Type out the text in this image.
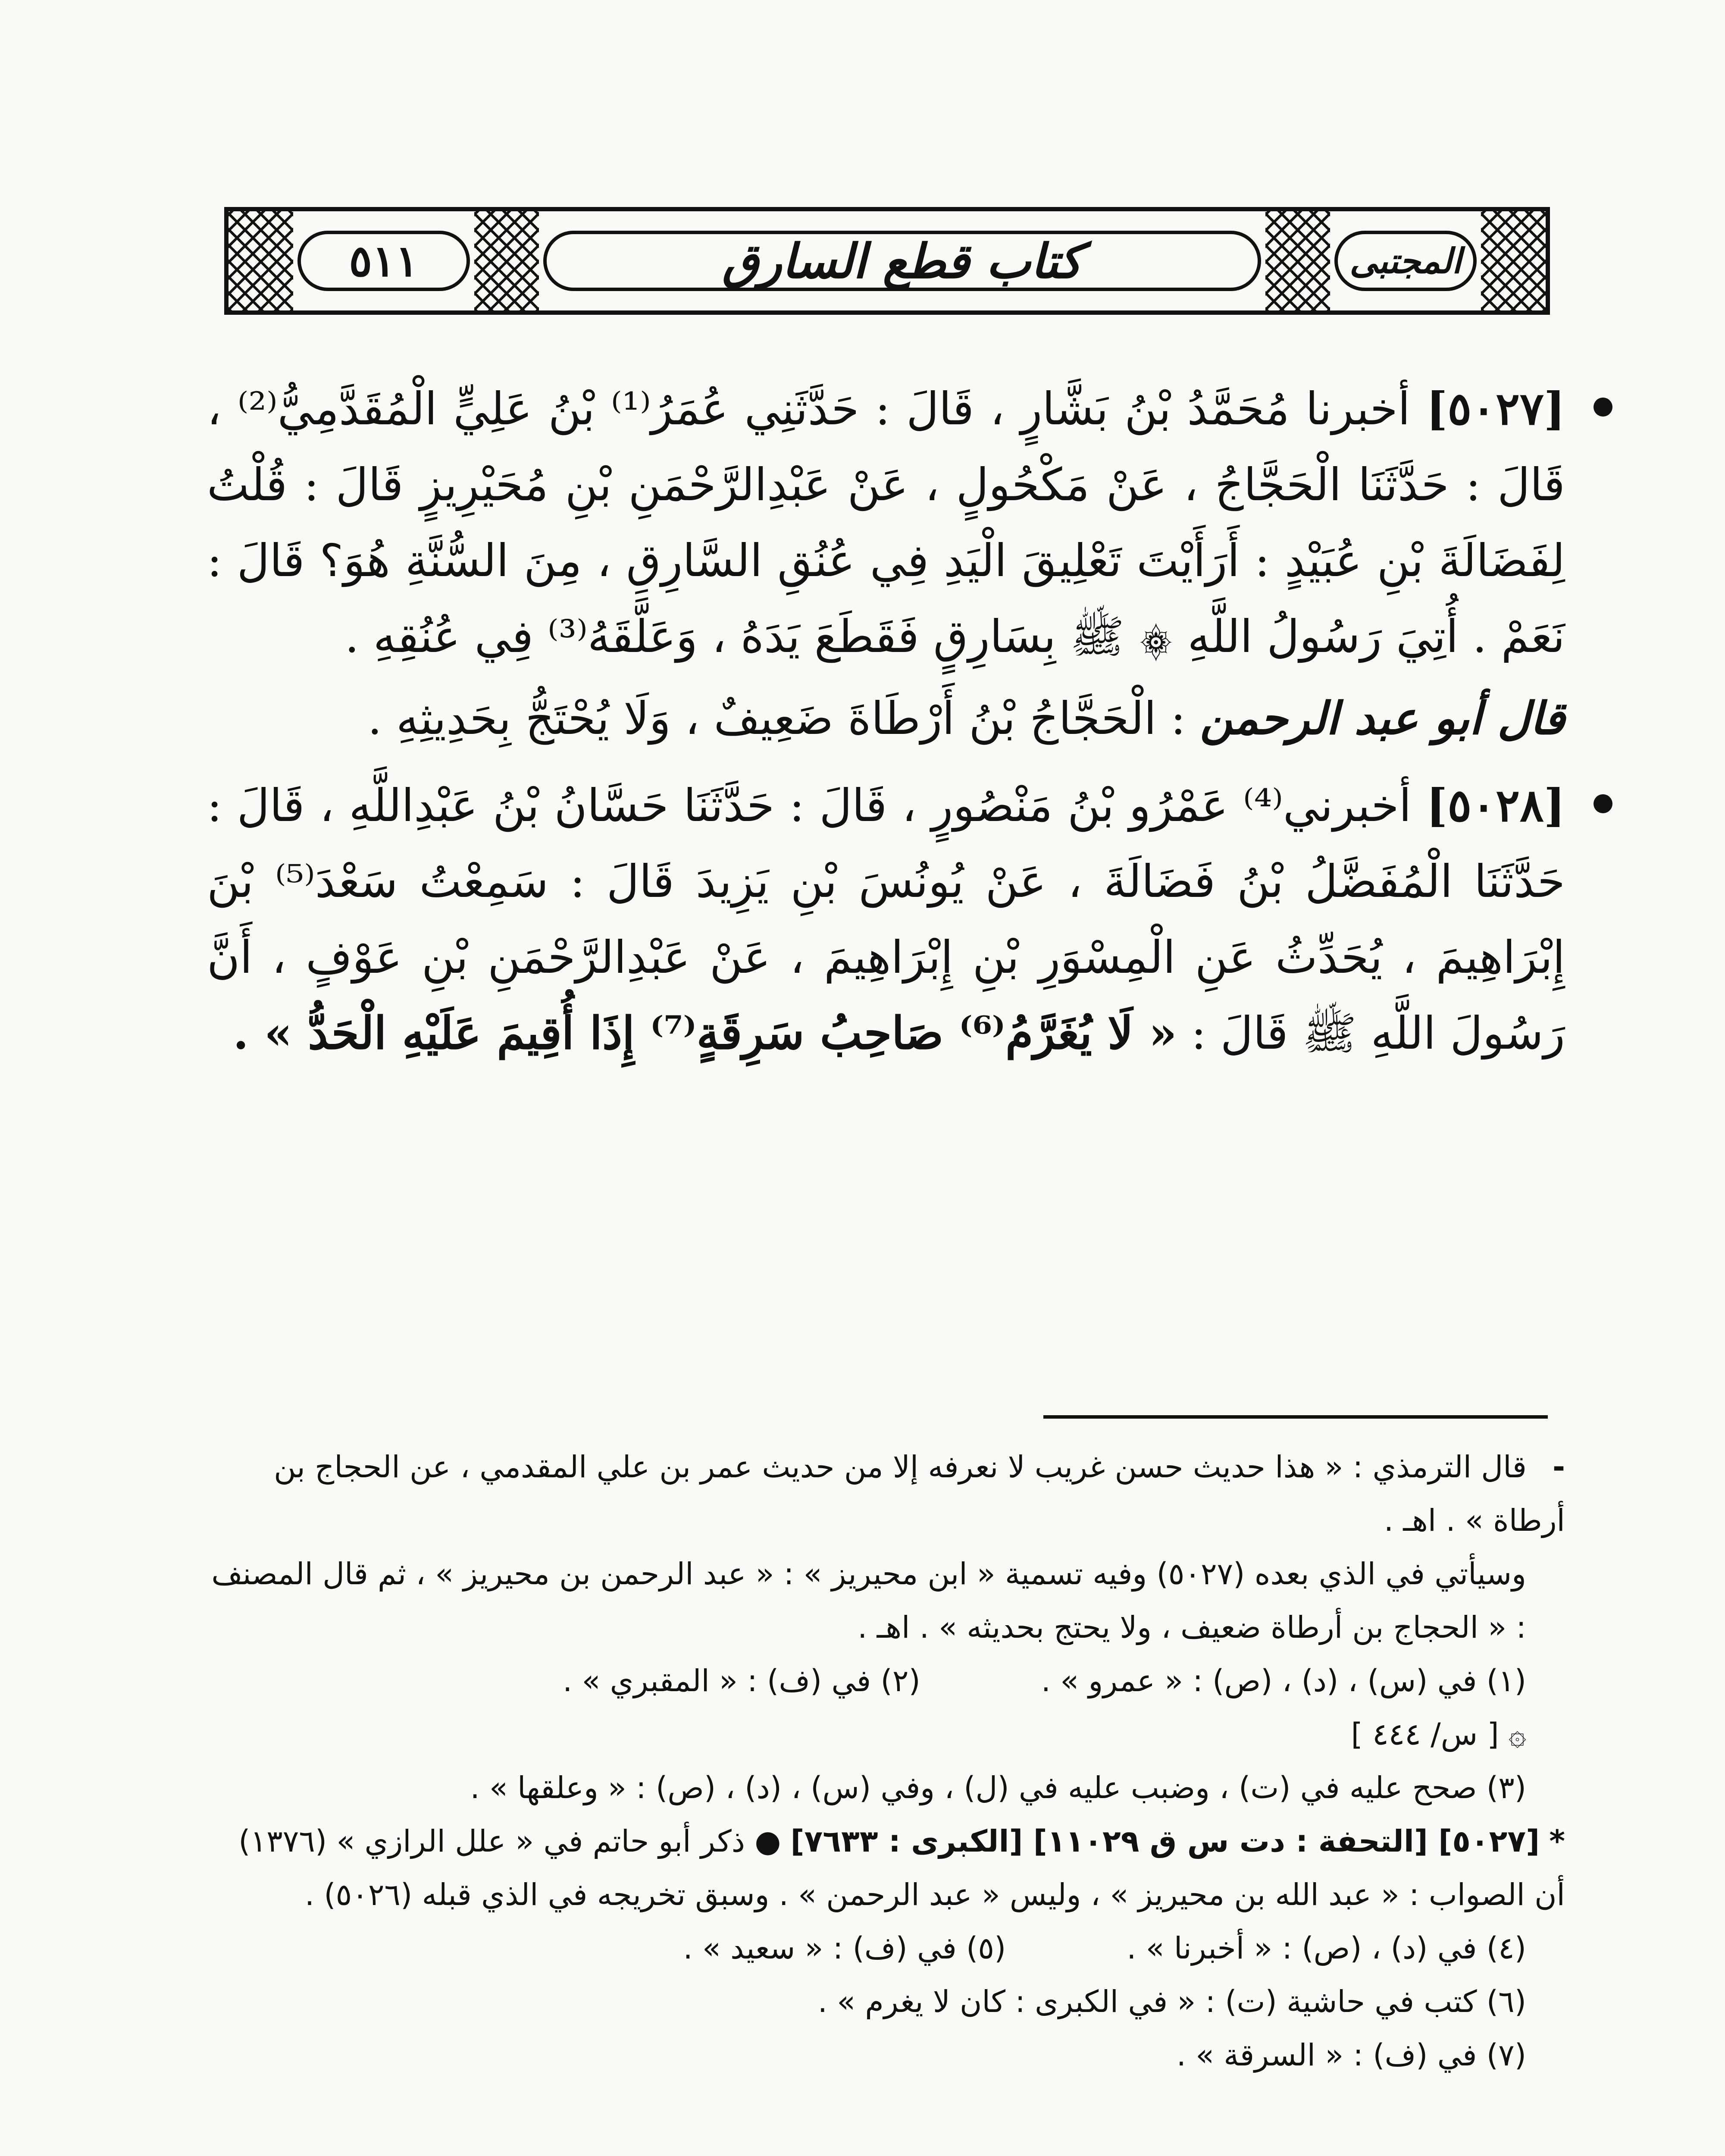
٥١١	كتاب قطع السارق	المجتبى

[٥٠٢٧] أخبرنا مُحَمَّدُ بْنُ بَشَّارٍ ، قَالَ : حَدَّثَنِي عُمَرُ⁽¹⁾ بْنُ عَلِيٍّ الْمُقَدَّمِيُّ⁽²⁾ ، قَالَ : حَدَّثَنَا الْحَجَّاجُ ، عَنْ مَكْحُولٍ ، عَنْ عَبْدِالرَّحْمَنِ بْنِ مُحَيْرِيزٍ قَالَ : قُلْتُ لِفَضَالَةَ بْنِ عُبَيْدٍ : أَرَأَيْتَ تَعْلِيقَ الْيَدِ فِي عُنُقِ السَّارِقِ ، مِنَ السُّنَّةِ هُوَ؟ قَالَ : نَعَمْ . أُتِيَ رَسُولُ اللَّهِ ۞ ﷺ بِسَارِقٍ فَقَطَعَ يَدَهُ ، وَعَلَّقَهُ⁽³⁾ فِي عُنُقِهِ .

قال أبو عبد الرحمن : الْحَجَّاجُ بْنُ أَرْطَاةَ ضَعِيفٌ ، وَلَا يُحْتَجُّ بِحَدِيثِهِ .

[٥٠٢٨] أخبرني⁽⁴⁾ عَمْرُو بْنُ مَنْصُورٍ ، قَالَ : حَدَّثَنَا حَسَّانُ بْنُ عَبْدِاللَّهِ ، قَالَ : حَدَّثَنَا الْمُفَضَّلُ بْنُ فَضَالَةَ ، عَنْ يُونُسَ بْنِ يَزِيدَ قَالَ : سَمِعْتُ سَعْدَ⁽⁵⁾ بْنَ إِبْرَاهِيمَ ، يُحَدِّثُ عَنِ الْمِسْوَرِ بْنِ إِبْرَاهِيمَ ، عَنْ عَبْدِالرَّحْمَنِ بْنِ عَوْفٍ ، أَنَّ رَسُولَ اللَّهِ ﷺ قَالَ : « لَا يُغَرَّمُ⁽⁶⁾ صَاحِبُ سَرِقَةٍ⁽⁷⁾ إِذَا أُقِيمَ عَلَيْهِ الْحَدُّ » .

-قال الترمذي : « هذا حديث حسن غريب لا نعرفه إلا من حديث عمر بن علي المقدمي ، عن الحجاج بن أرطاة » . اهـ .

وسيأتي في الذي بعده (٥٠٢٧) وفيه تسمية « ابن محيريز » : « عبد الرحمن بن محيريز » ، ثم قال المصنف : « الحجاج بن أرطاة ضعيف ، ولا يحتج بحديثه » . اهـ .

(١) في (س) ، (د) ، (ص) : « عمرو » .(٢) في (ف) : « المقبري » .

۞ [ س/ ٤٤٤ ]

(٣) صحح عليه في (ت) ، وضبب عليه في (ل) ، وفي (س) ، (د) ، (ص) : « وعلقها » .

* [٥٠٢٧] [التحفة : دت س ق ١١٠٢٩] [الكبرى : ٧٦٣٣] ● ذكر أبو حاتم في « علل الرازي » (١٣٧٦) أن الصواب : « عبد الله بن محيريز » ، وليس « عبد الرحمن » . وسبق تخريجه في الذي قبله (٥٠٢٦) .

(٤) في (د) ، (ص) : « أخبرنا » .(٥) في (ف) : « سعيد » .

(٦) كتب في حاشية (ت) : « في الكبرى : كان لا يغرم » .

(٧) في (ف) : « السرقة » .
